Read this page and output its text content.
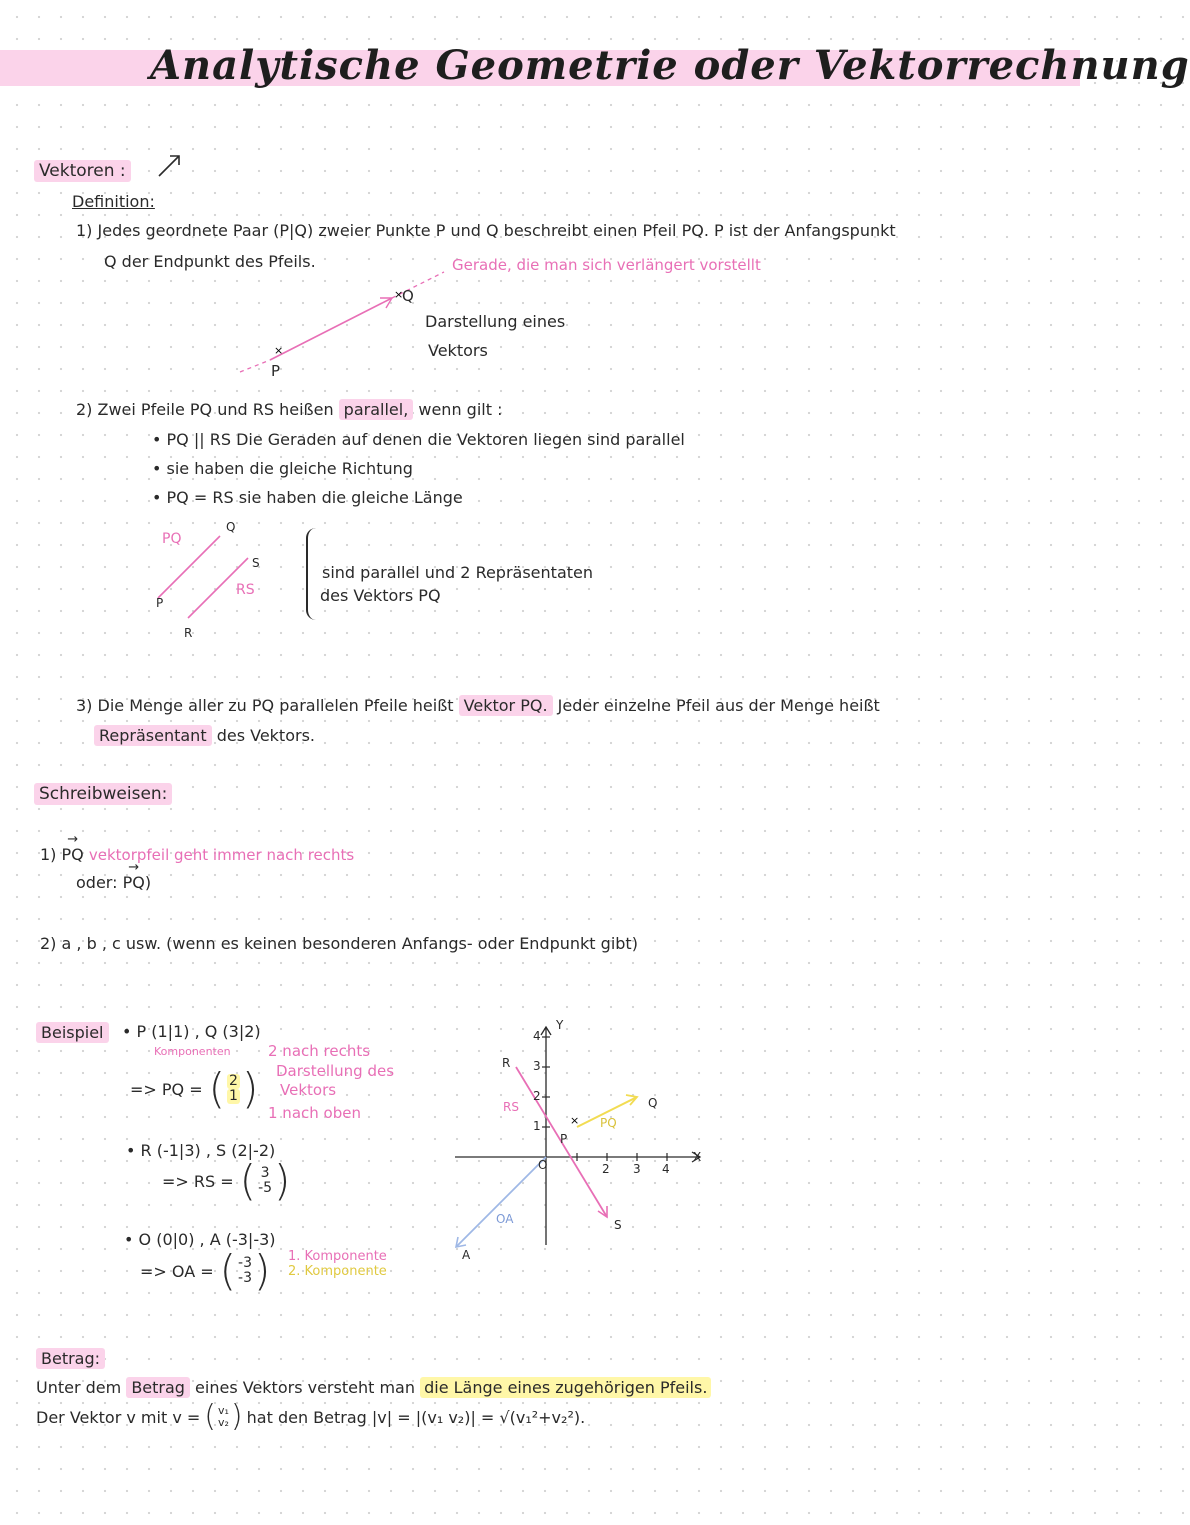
Analytische Geometrie oder Vektorrechnung
Vektoren :
Definition:
1) Jedes geordnete Paar (P|Q) zweier Punkte P und Q beschreibt einen Pfeil PQ. P ist der Anfangspunkt
Q der Endpunkt des Pfeils.	Gerade, die man sich verlängert vorstellt
×
×
P
Q
Darstellung eines
Vektors
2) Zwei Pfeile PQ und RS heißen parallel, wenn gilt :
• PQ || RS Die Geraden auf denen die Vektoren liegen sind parallel
• sie haben die gleiche Richtung
• PQ = RS sie haben die gleiche Länge
PQ
RS
P
Q
R
S	sind parallel und 2 Repräsentaten
des Vektors PQ
3) Die Menge aller zu PQ parallelen Pfeile heißt Vektor PQ. Jeder einzelne Pfeil aus der Menge heißt
Repräsentant des Vektors.
Schreibweisen:
1) → PQ vektorpfeil geht immer nach rechts
oder: → PQ)
2) a , b , c usw. (wenn es keinen besonderen Anfangs- oder Endpunkt gibt)
Beispiel	• P (1|1) , Q (3|2)
Komponenten
=> PQ = ( 2
1 )
2 nach rechts
Darstellung des
Vektors
1 nach oben
• R (-1|3) , S (2|-2)
=> RS = ( 3
-5 )
• O (0|0) , A (-3|-3)
=> OA = ( -3
-3 ) 1. Komponente
2. Komponente
×
X
Y
2 3 4
1
2
3
4
R
S
Q
P
A
O
PQ
RS
OA
Betrag:
Unter dem Betrag eines Vektors versteht man die Länge eines zugehörigen Pfeils.
Der Vektor v mit v = ( v₁
v₂ ) hat den Betrag |v| = |(v₁ v₂)| = √(v₁²+v₂²).
